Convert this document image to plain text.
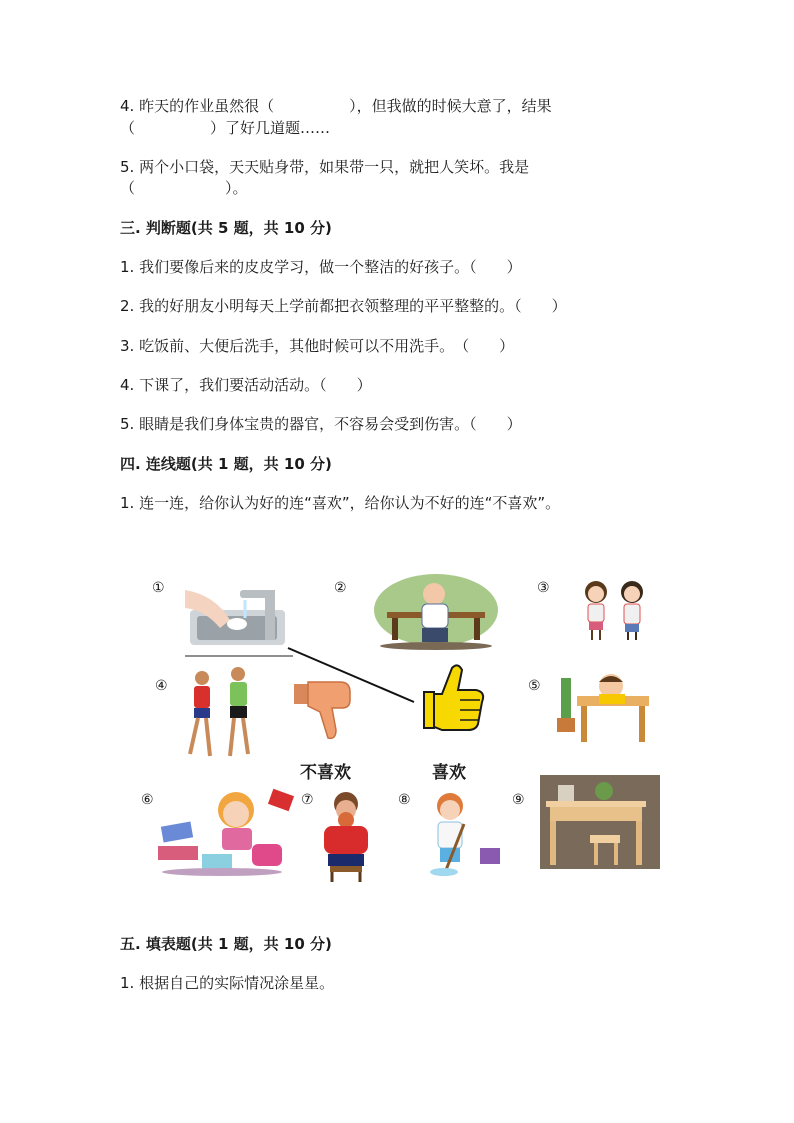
4. 昨天的作业虽然很（　　　　　），但我做的时候大意了，结果
（　　　　　）了好几道题……
5. 两个小口袋，天天贴身带，如果带一只，就把人笑坏。我是
（　　　　　　）。
三. 判断题(共 5 题，共 10 分)
1. 我们要像后来的皮皮学习，做一个整洁的好孩子。（　　）
2. 我的好朋友小明每天上学前都把衣领整理的平平整整的。（　　）
3. 吃饭前、大便后洗手，其他时候可以不用洗手。　（　　）
4. 下课了，我们要活动活动。（　　）
5. 眼睛是我们身体宝贵的器官，不容易会受到伤害。（　　）
四. 连线题(共 1 题，共 10 分)
1. 连一连，给你认为好的连“喜欢”，给你认为不好的连“不喜欢”。
①	②	③
④	⑤
⑥	⑦	⑧	⑨
不喜欢	喜欢
五. 填表题(共 1 题，共 10 分)
1. 根据自己的实际情况涂星星。
